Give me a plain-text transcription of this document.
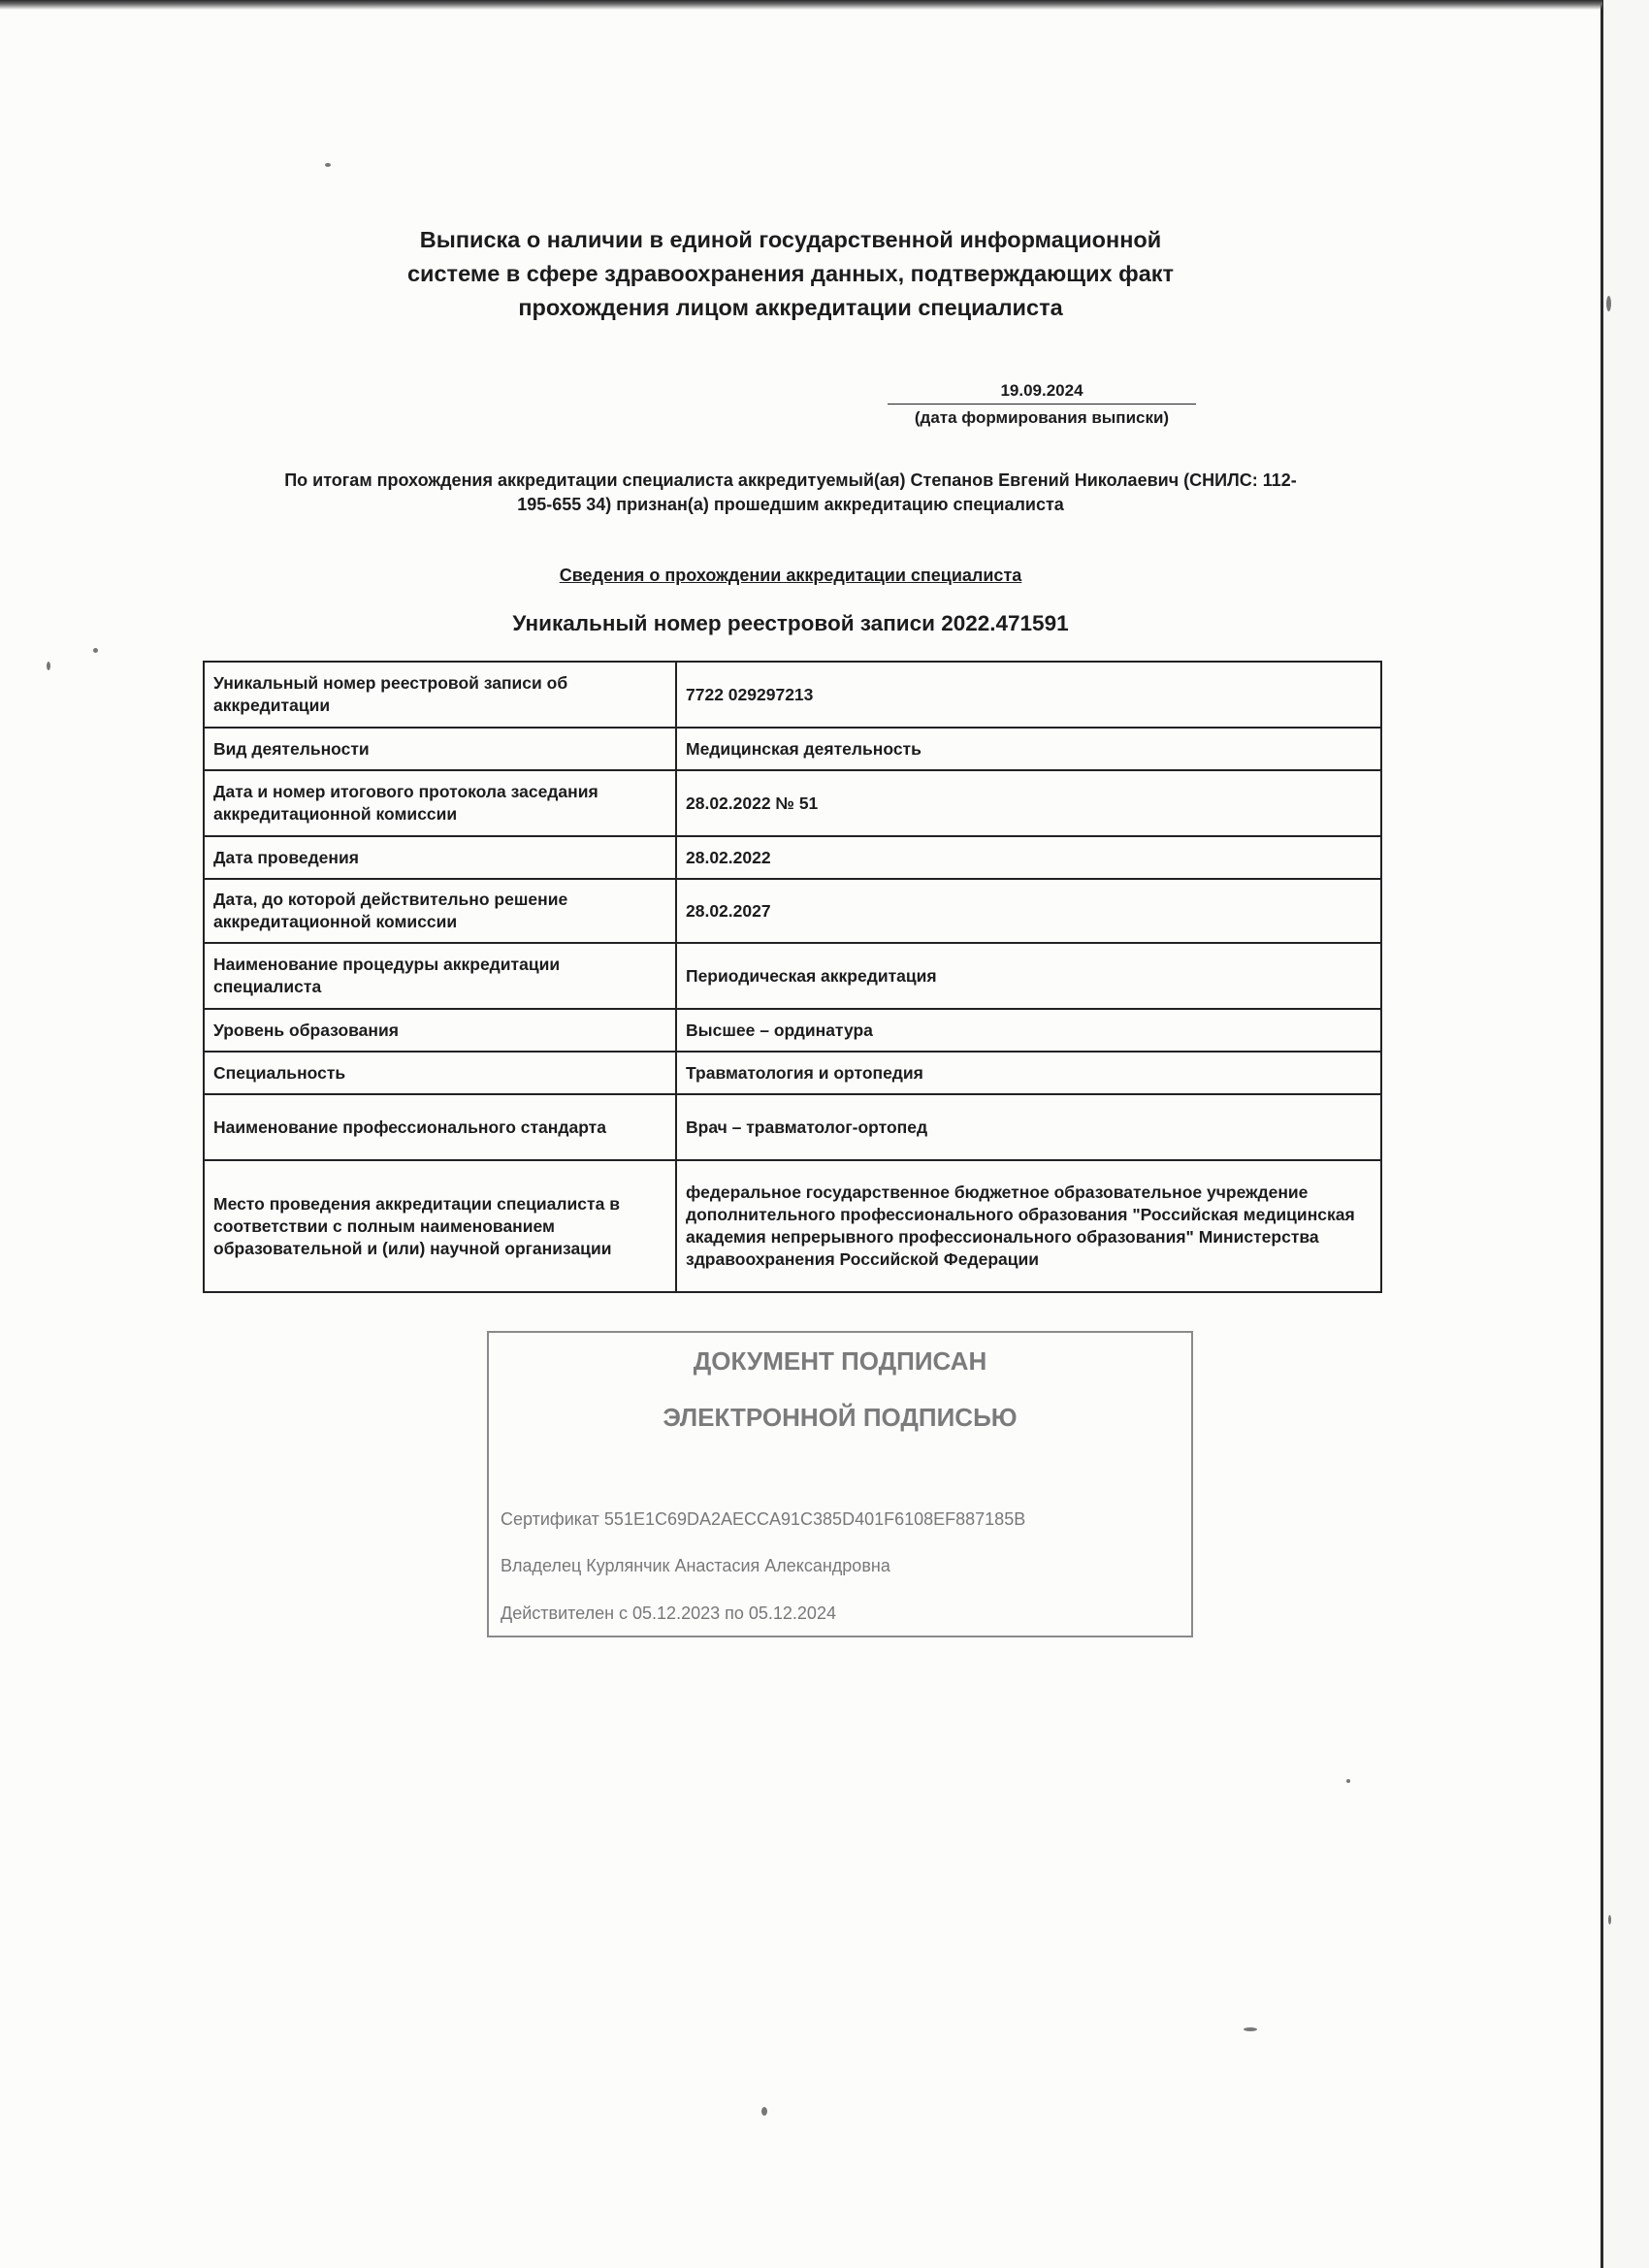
Выписка о наличии в единой государственной информационной
системе в сфере здравоохранения данных, подтверждающих факт
прохождения лицом аккредитации специалиста
19.09.2024
(дата формирования выписки)
По итогам прохождения аккредитации специалиста аккредитуемый(ая) Степанов Евгений Николаевич (СНИЛС: 112-
195-655 34) признан(а) прошедшим аккредитацию специалиста
Сведения о прохождении аккредитации специалиста
Уникальный номер реестровой записи 2022.471591
Уникальный номер реестровой записи об аккредитации	7722 029297213
Вид деятельности	Медицинская деятельность
Дата и номер итогового протокола заседания аккредитационной комиссии	28.02.2022 № 51
Дата проведения	28.02.2022
Дата, до которой действительно решение аккредитационной комиссии	28.02.2027
Наименование процедуры аккредитации специалиста	Периодическая аккредитация
Уровень образования	Высшее – ординатура
Специальность	Травматология и ортопедия
Наименование профессионального стандарта	Врач – травматолог-ортопед
Место проведения аккредитации специалиста в соответствии с полным наименованием образовательной и (или) научной организации	федеральное государственное бюджетное образовательное учреждение дополнительного профессионального образования "Российская медицинская академия непрерывного профессионального образования" Министерства здравоохранения Российской Федерации
ДОКУМЕНТ ПОДПИСАН
ЭЛЕКТРОННОЙ ПОДПИСЬЮ
Сертификат 551E1C69DA2AECCA91C385D401F6108EF887185B
Владелец Курлянчик Анастасия Александровна
Действителен с 05.12.2023 по 05.12.2024
